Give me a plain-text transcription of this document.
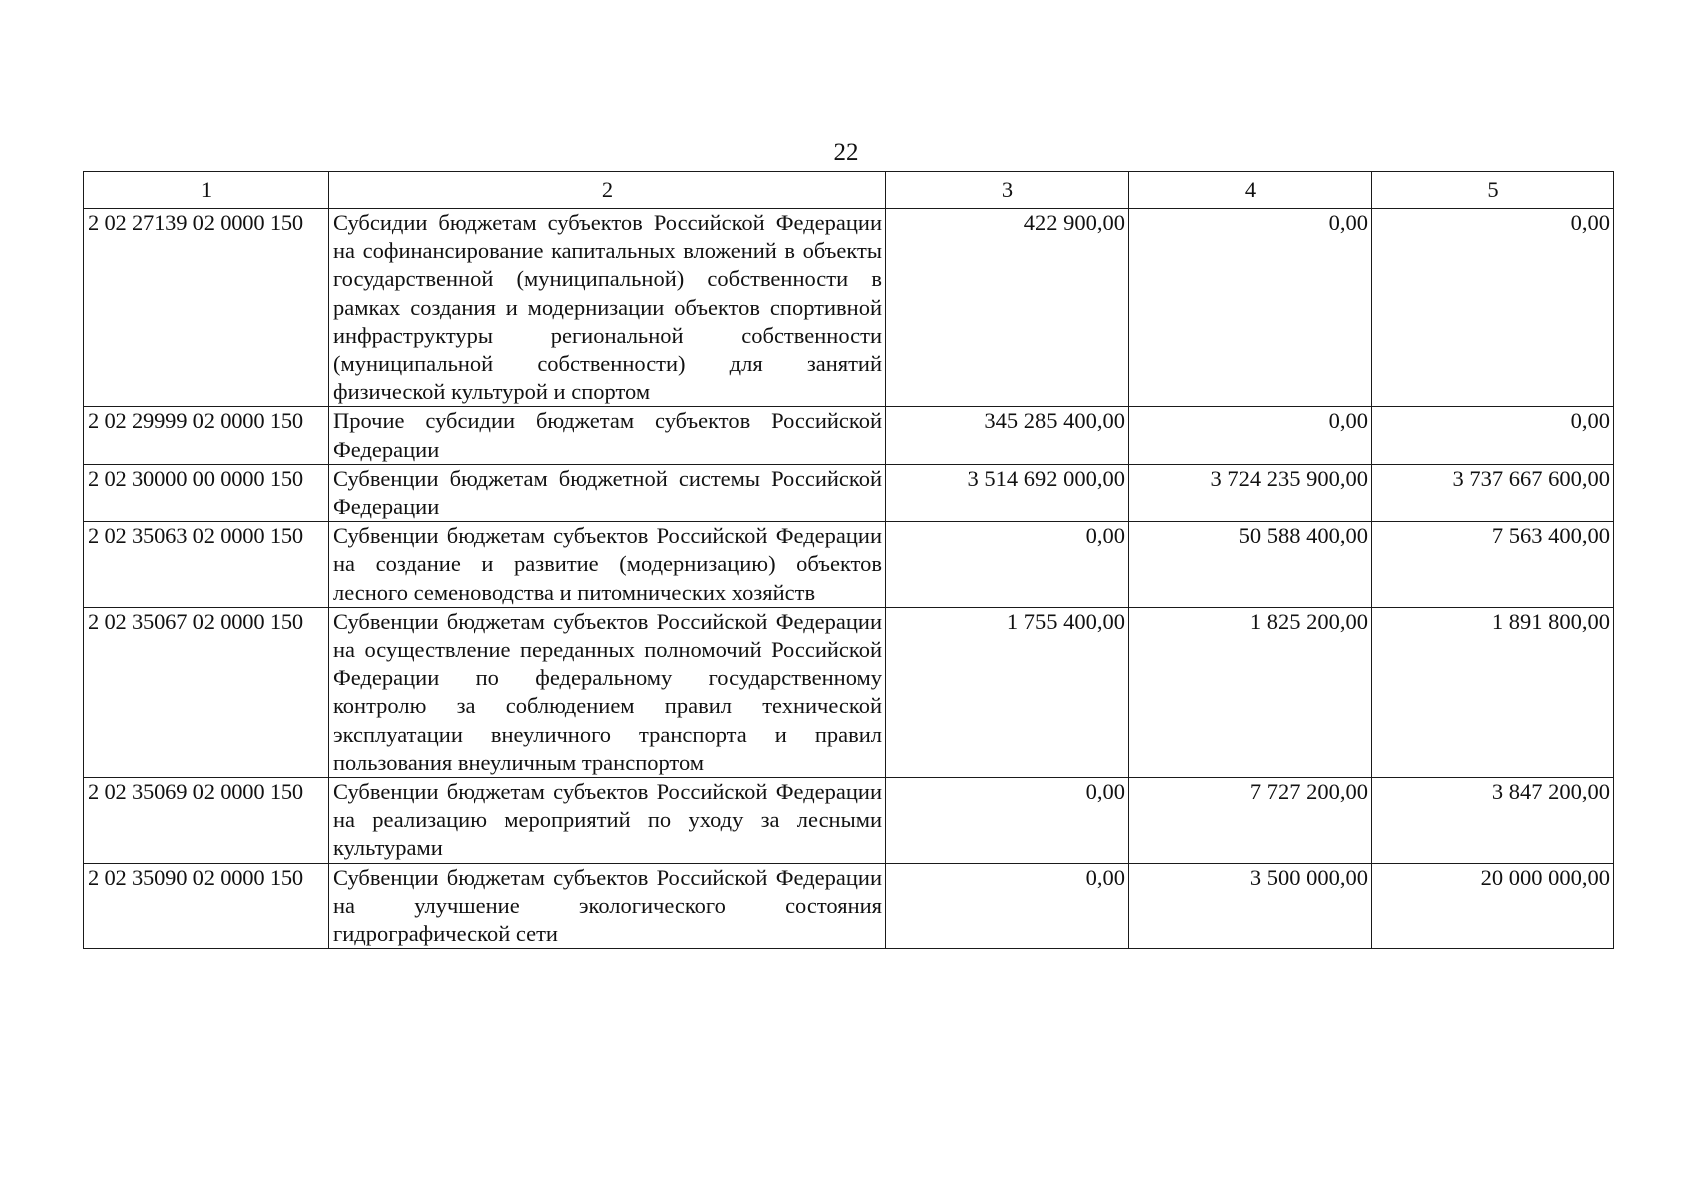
22
1	2	3	4	5
2 02 27139 02 0000 150	Субсидии бюджетам субъектов Российской Федерации на софинансирование капитальных вложений в объекты государственной (муниципальной) собственности в рамках создания и модернизации объектов спортивной инфраструктуры региональной собственности (муниципальной собственности) для занятий физической культурой и спортом	422 900,00	0,00	0,00
2 02 29999 02 0000 150	Прочие субсидии бюджетам субъектов Российской Федерации	345 285 400,00	0,00	0,00
2 02 30000 00 0000 150	Субвенции бюджетам бюджетной системы Российской Федерации	3 514 692 000,00	3 724 235 900,00	3 737 667 600,00
2 02 35063 02 0000 150	Субвенции бюджетам субъектов Российской Федерации на создание и развитие (модернизацию) объектов лесного семеноводства и питомнических хозяйств	0,00	50 588 400,00	7 563 400,00
2 02 35067 02 0000 150	Субвенции бюджетам субъектов Российской Федерации на осуществление переданных полномочий Российской Федерации по федеральному государственному контролю за соблюдением правил технической эксплуатации внеуличного транспорта и правил пользования внеуличным транспортом	1 755 400,00	1 825 200,00	1 891 800,00
2 02 35069 02 0000 150	Субвенции бюджетам субъектов Российской Федерации на реализацию мероприятий по уходу за лесными культурами	0,00	7 727 200,00	3 847 200,00
2 02 35090 02 0000 150	Субвенции бюджетам субъектов Российской Федерации на улучшение экологического состояния гидрографической сети	0,00	3 500 000,00	20 000 000,00
